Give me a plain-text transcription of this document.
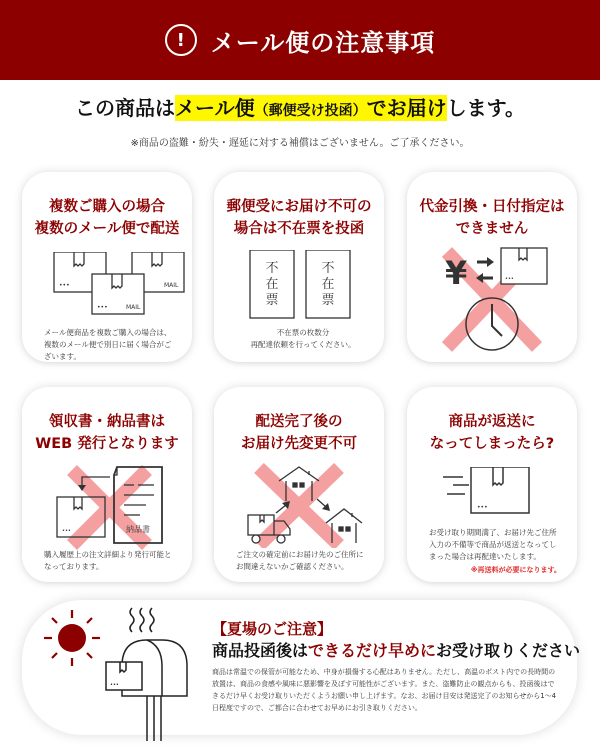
!	メール便の注意事項
この商品はメール便（郵便受け投函）でお届けします。
※商品の盗難・紛失・遅延に対する補償はございません。ご了承ください。
複数ご購入の場合
複数のメール便で配送
•••	MAIL
•••	MAIL
メール便商品を複数ご購入の場合は、複数のメール便で別日に届く場合がございます。
郵便受にお届け不可の
場合は不在票を投函
不
在
票
不
在
票
不在票の枚数分
再配達依頼を行ってください。
代金引換・日付指定は
できません
¥	•••
領収書・納品書は
WEB 発行となります
•••	納品書
購入履歴上の注文詳細より発行可能となっております。
配送完了後の
お届け先変更不可
ご注文の確定前にお届け先のご住所にお間違えないかご確認ください。
商品が返送に
なってしまったら?
•••
お受け取り期間満了、お届け先ご住所入力の不備等で商品が返送となってしまった場合は再配達いたします。
※再送料が必要になります。
•••
【夏場のご注意】
商品投函後はできるだけ早めにお受け取りください
商品は常温での保管が可能なため、中身が損傷する心配はありません。ただし、高温のポスト内での長時間の放置は、商品の食感や風味に悪影響を及ぼす可能性がございます。また、盗難防止の観点からも、投函後はできるだけ早くお受け取りいただくようお願い申し上げます。なお、お届け目安は発送完了のお知らせから1〜4日程度ですので、ご都合に合わせてお早めにお引き取りください。
